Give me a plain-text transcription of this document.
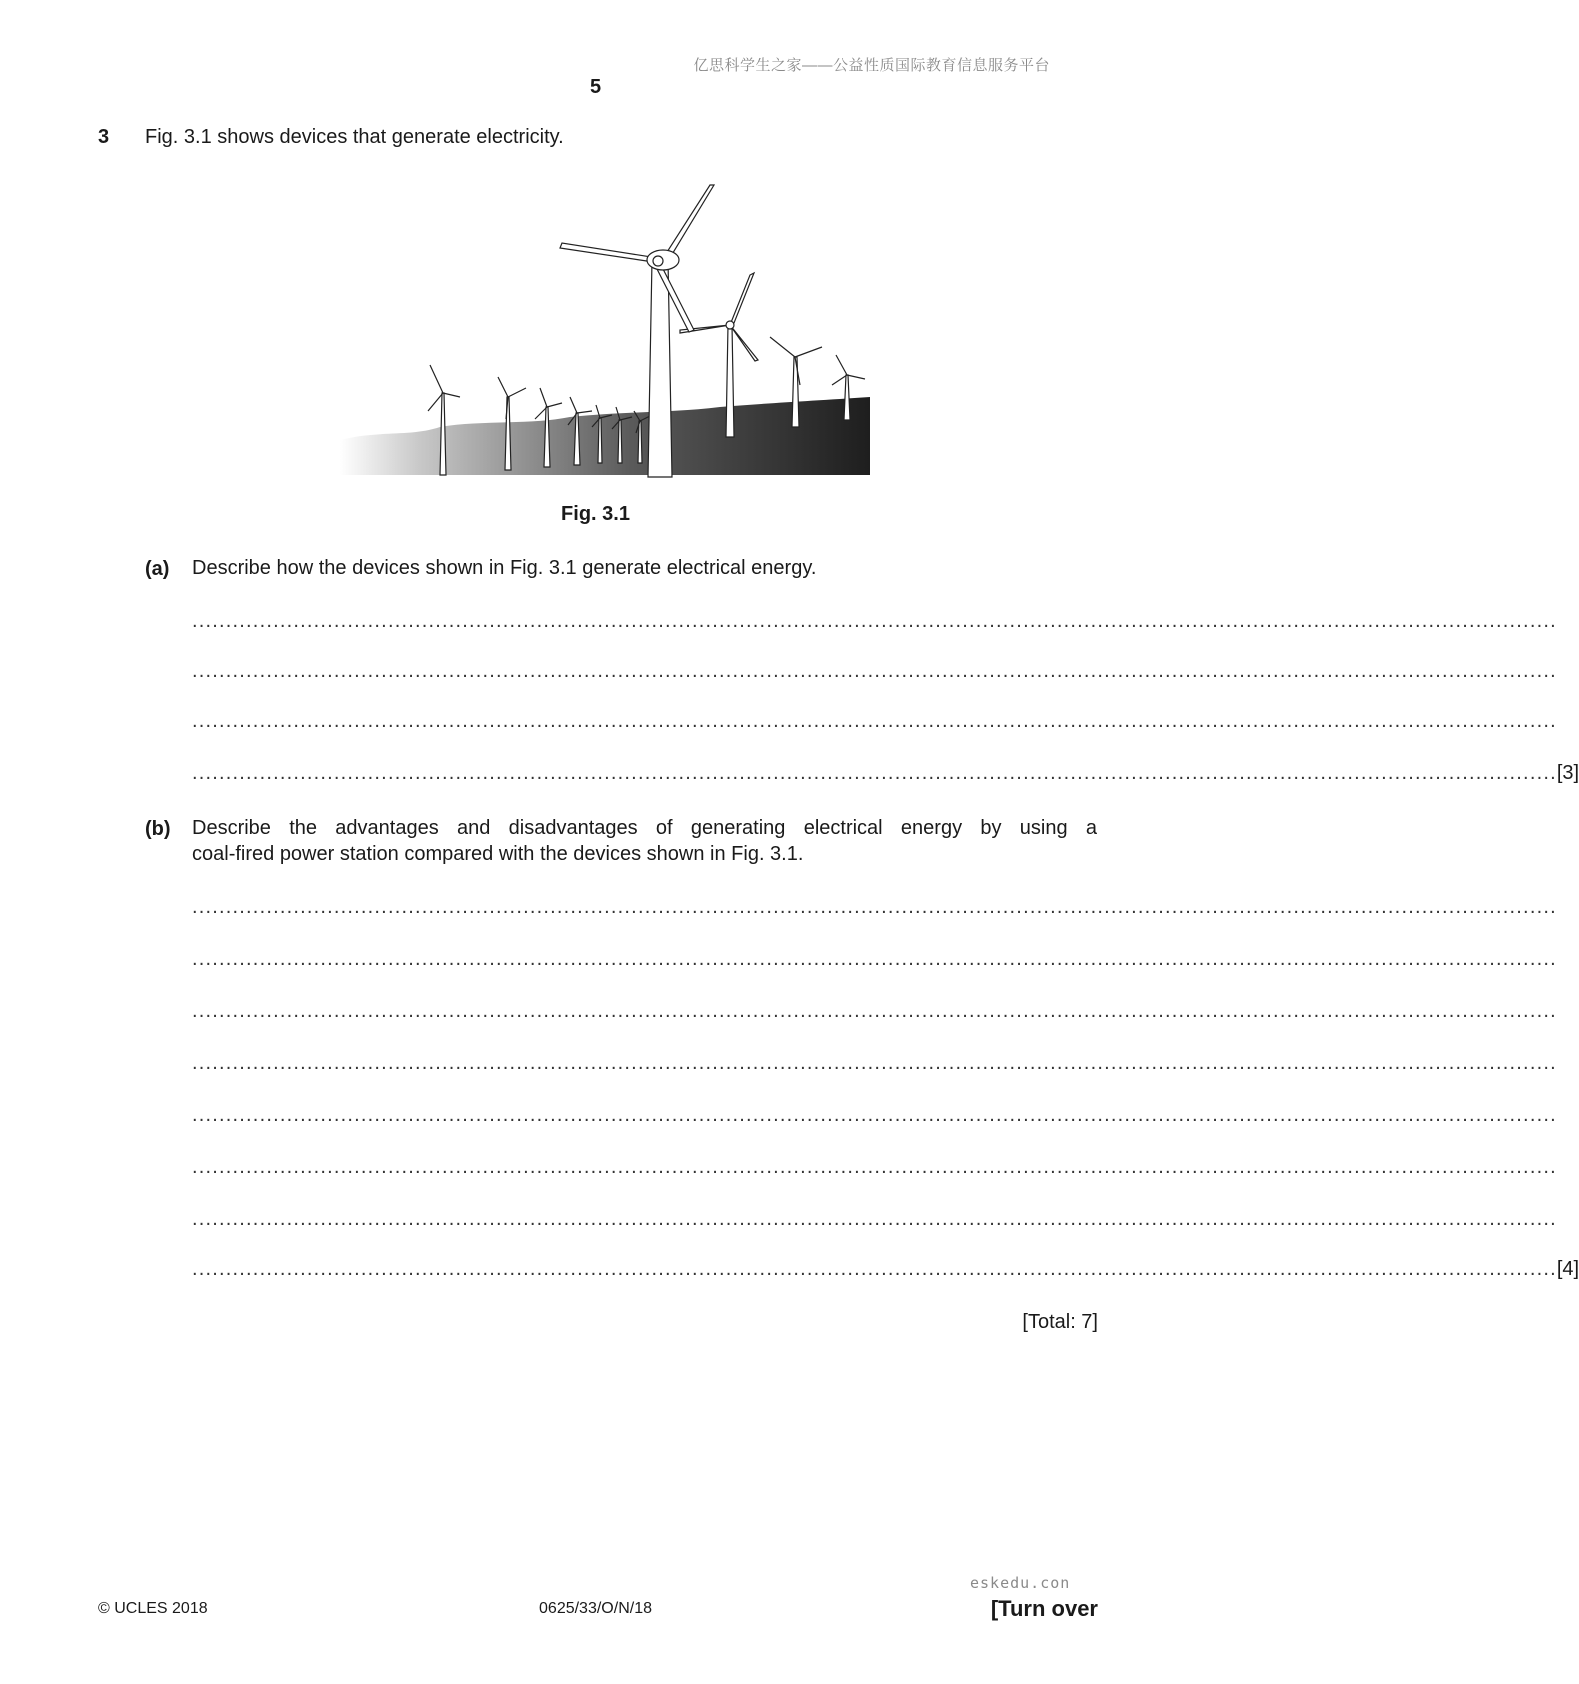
亿思科学生之家——公益性质国际教育信息服务平台
5
3 Fig. 3.1 shows devices that generate electricity.
Fig. 3.1
(a) Describe how the devices shown in Fig. 3.1 generate electrical energy.
..........................................................................................................................................................................................................
..........................................................................................................................................................................................................
..........................................................................................................................................................................................................
.......................................................................................................................................................................................................... [3]
(b) Describe the advantages and disadvantages of generating electrical energy by using a
coal-fired power station compared with the devices shown in Fig. 3.1.
..........................................................................................................................................................................................................
..........................................................................................................................................................................................................
..........................................................................................................................................................................................................
..........................................................................................................................................................................................................
..........................................................................................................................................................................................................
..........................................................................................................................................................................................................
..........................................................................................................................................................................................................
.......................................................................................................................................................................................................... [4]
[Total: 7]
© UCLES 2018	0625/33/O/N/18
eskedu.con
[Turn over
